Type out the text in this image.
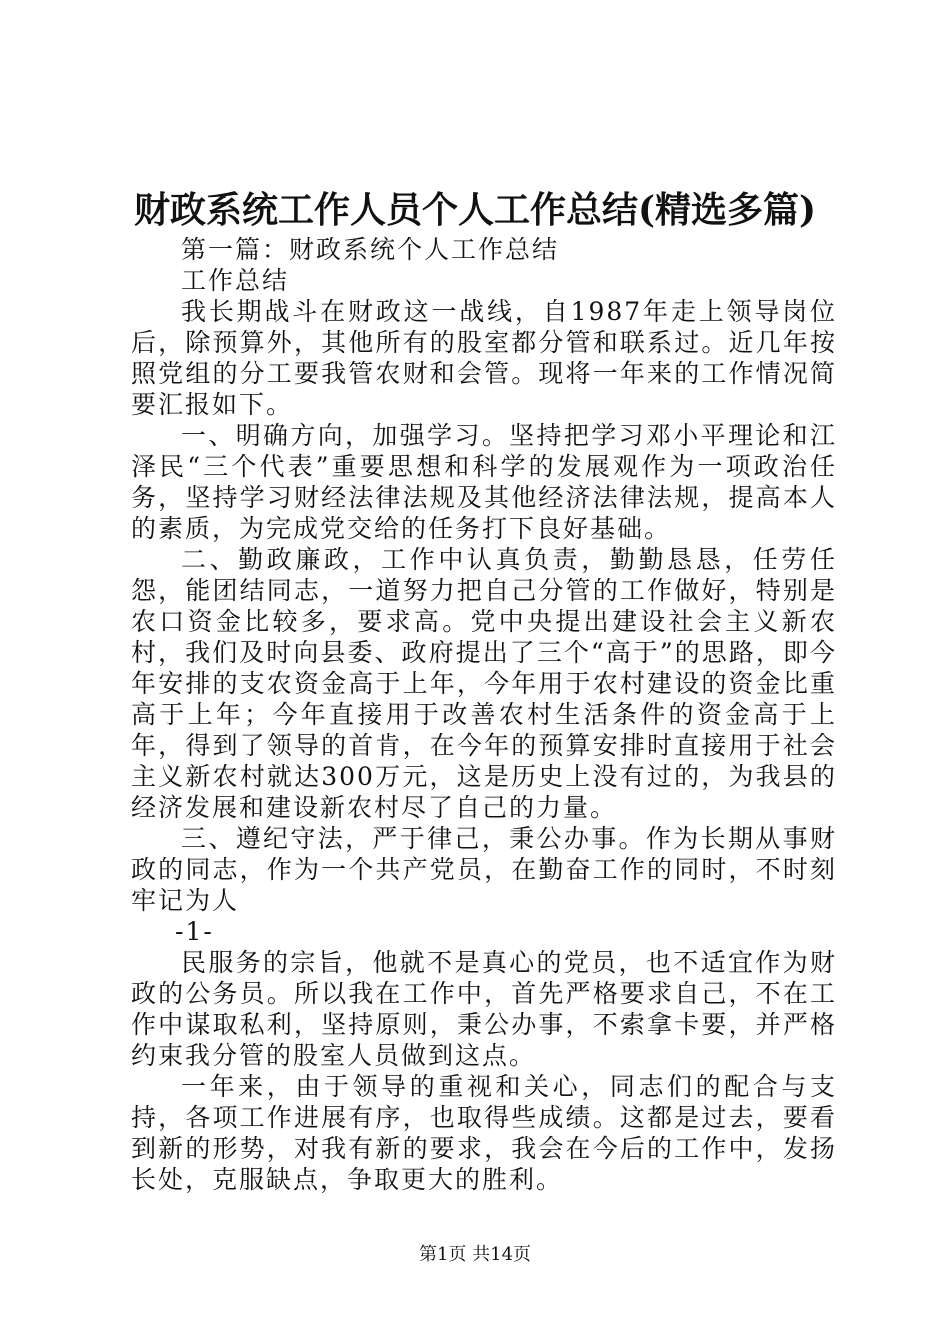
财政系统工作人员个人工作总结(精选多篇)

第一篇：财政系统个人工作总结

工作总结

我长期战斗在财政这一战线，自1987年走上领导岗位后，除预算外，其他所有的股室都分管和联系过。近几年按照党组的分工要我管农财和会管。现将一年来的工作情况简要汇报如下。

一、明确方向，加强学习。坚持把学习邓小平理论和江泽民“三个代表”重要思想和科学的发展观作为一项政治任务，坚持学习财经法律法规及其他经济法律法规，提高本人的素质，为完成党交给的任务打下良好基础。

二、勤政廉政，工作中认真负责，勤勤恳恳，任劳任怨，能团结同志，一道努力把自己分管的工作做好，特别是农口资金比较多，要求高。党中央提出建设社会主义新农村，我们及时向县委、政府提出了三个“高于”的思路，即今年安排的支农资金高于上年，今年用于农村建设的资金比重高于上年；今年直接用于改善农村生活条件的资金高于上年，得到了领导的首肯，在今年的预算安排时直接用于社会主义新农村就达300万元，这是历史上没有过的，为我县的经济发展和建设新农村尽了自己的力量。

三、遵纪守法，严于律己，秉公办事。作为长期从事财政的同志，作为一个共产党员，在勤奋工作的同时，不时刻牢记为人

-1-

民服务的宗旨，他就不是真心的党员，也不适宜作为财政的公务员。所以我在工作中，首先严格要求自己，不在工作中谋取私利，坚持原则，秉公办事，不索拿卡要，并严格约束我分管的股室人员做到这点。

一年来，由于领导的重视和关心，同志们的配合与支持，各项工作进展有序，也取得些成绩。这都是过去，要看到新的形势，对我有新的要求，我会在今后的工作中，发扬长处，克服缺点，争取更大的胜利。

第1页 共14页
